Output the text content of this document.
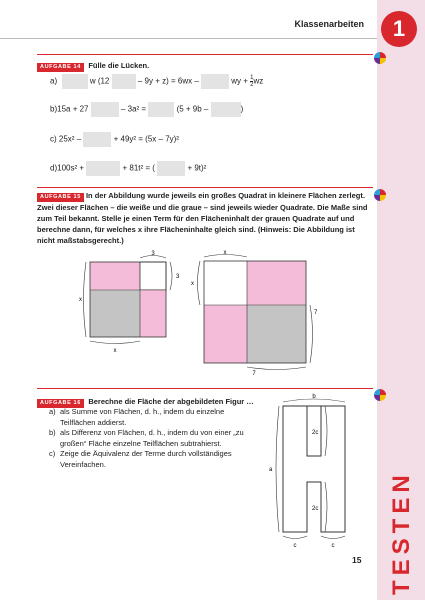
Klassenarbeiten	1
AUFGABE 14 Fülle die Lücken.
a)	w (12	– 9y + z) = 6wx –	wy + $\frac{1}{2}$ wz
b)15a + 27	– 3a² =	(5 + 9b –	)
c) 25x² –	+ 49y² = (5x – 7y)²
d)100s² +	+ 81t² = (	+ 9t)²
AUFGABE 15 In der Abbildung wurde jeweils ein großes Quadrat in kleinere Flächen zerlegt. Zwei dieser Flächen – die weiße und die graue – sind jeweils wieder Quadrate. Die Maße sind zum Teil bekannt. Stelle je einen Term für den Flächeninhalt der grauen Quadrate auf und berechne dann, für welches x ihre Flächeninhalte gleich sind. (Hinweis: Die Abbildung ist nicht maßstabsgerecht.)
3
3
x
x
x
x
7
7
AUFGABE 16 Berechne die Fläche der abgebildeten Figur …
a) als Summe von Flächen, d. h., indem du einzelne Teilflächen addierst.
b) als Differenz von Flächen, d. h., indem du von einer „zu großen“ Fläche einzelne Teilflächen subtrahierst.
c) Zeige die Äquivalenz der Terme durch vollständiges Vereinfachen.
b
a
2c
2c
c	c TESTEN
15
